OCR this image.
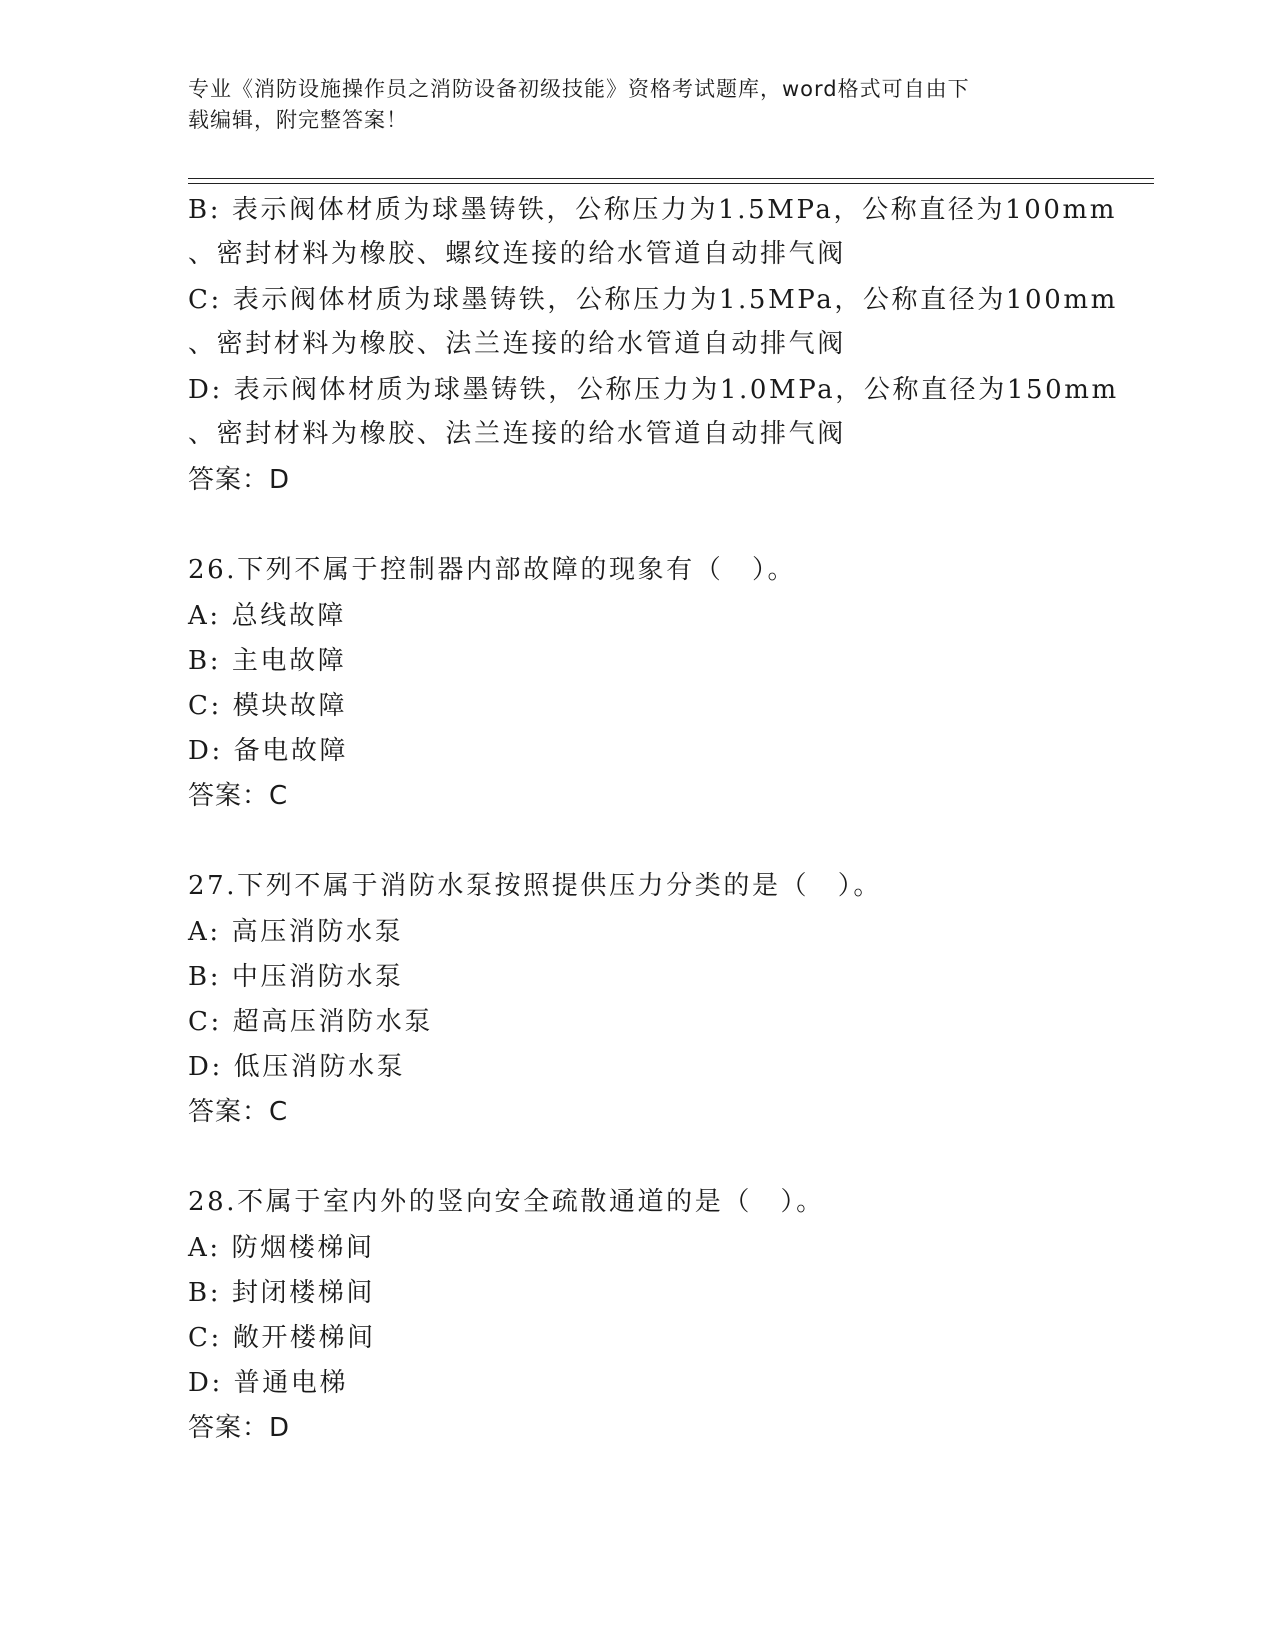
专业《消防设施操作员之消防设备初级技能》资格考试题库，word格式可自由下
载编辑，附完整答案！
B: 表示阀体材质为球墨铸铁，公称压力为1.5MPa，公称直径为100mm
、密封材料为橡胶、螺纹连接的给水管道自动排气阀
C: 表示阀体材质为球墨铸铁，公称压力为1.5MPa，公称直径为100mm
、密封材料为橡胶、法兰连接的给水管道自动排气阀
D: 表示阀体材质为球墨铸铁，公称压力为1.0MPa，公称直径为150mm
、密封材料为橡胶、法兰连接的给水管道自动排气阀
答案：D
26.下列不属于控制器内部故障的现象有（　）。
A: 总线故障
B: 主电故障
C: 模块故障
D: 备电故障
答案：C
27.下列不属于消防水泵按照提供压力分类的是（　）。
A: 高压消防水泵
B: 中压消防水泵
C: 超高压消防水泵
D: 低压消防水泵
答案：C
28.不属于室内外的竖向安全疏散通道的是（　）。
A: 防烟楼梯间
B: 封闭楼梯间
C: 敞开楼梯间
D: 普通电梯
答案：D
